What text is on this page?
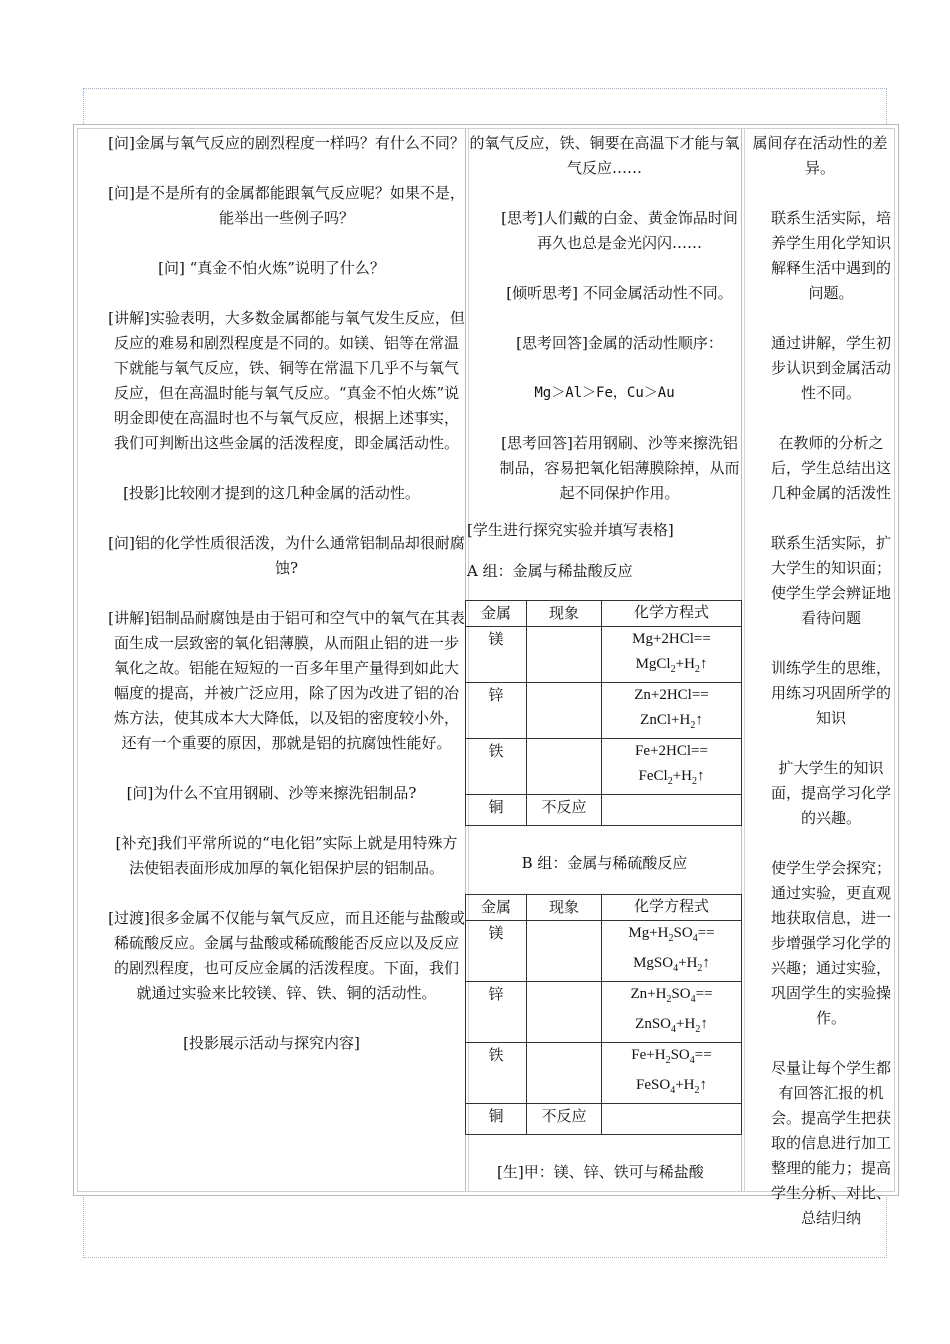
[问]金属与氧气反应的剧烈程度一样吗？有什么不同？

[问]是不是所有的金属都能跟氧气反应呢？如果不是，能举出一些例子吗？

[问] “真金不怕火炼”说明了什么？

[讲解]实验表明，大多数金属都能与氧气发生反应，但反应的难易和剧烈程度是不同的。如镁、铝等在常温下就能与氧气反应，铁、铜等在常温下几乎不与氧气反应，但在高温时能与氧气反应。“真金不怕火炼”说明金即使在高温时也不与氧气反应，根据上述事实，我们可判断出这些金属的活泼程度，即金属活动性。

[投影]比较刚才提到的这几种金属的活动性。

[问]铝的化学性质很活泼，为什么通常铝制品却很耐腐蚀?

[讲解]铝制品耐腐蚀是由于铝可和空气中的氧气在其表面生成一层致密的氧化铝薄膜，从而阻止铝的进一步氧化之故。铝能在短短的一百多年里产量得到如此大幅度的提高，并被广泛应用，除了因为改进了铝的冶炼方法，使其成本大大降低，以及铝的密度较小外，还有一个重要的原因，那就是铝的抗腐蚀性能好。

[问]为什么不宜用钢刷、沙等来擦洗铝制品?

[补充]我们平常所说的“电化铝”实际上就是用特殊方法使铝表面形成加厚的氧化铝保护层的铝制品。

[过渡]很多金属不仅能与氧气反应，而且还能与盐酸或稀硫酸反应。金属与盐酸或稀硫酸能否反应以及反应的剧烈程度，也可反应金属的活泼程度。下面，我们就通过实验来比较镁、锌、铁、铜的活动性。

[投影展示活动与探究内容]

的氧气反应，铁、铜要在高温下才能与氧气反应……

[思考]人们戴的白金、黄金饰品时间再久也总是金光闪闪……

[倾听思考] 不同金属活动性不同。

[思考回答]金属的活动性顺序：

Mg＞Al＞Fe，Cu＞Au

[思考回答]若用钢刷、沙等来擦洗铝制品，容易把氧化铝薄膜除掉，从而起不同保护作用。

[学生进行探究实验并填写表格]

A 组：金属与稀盐酸反应

金属	现象	化学方程式
镁		Mg+2HCl==
$MgCl_2+H_2↑$

锌		Zn+2HCl==
$ZnCl+H_2↑$

铁		Fe+2HCl==
$FeCl_2+H_2↑$

铜	不反应	

B 组：金属与稀硫酸反应

金属	现象	化学方程式
镁		$Mg+H_2SO_4==$
$MgSO_4+H_2↑$

锌		$Zn+H_2SO_4==$
$ZnSO_4+H_2↑$

铁		$Fe+H_2SO_4==$
$FeSO_4+H_2↑$

铜	不反应	

[生]甲：镁、锌、铁可与稀盐酸

属间存在活动性的差异。

联系生活实际，培养学生用化学知识解释生活中遇到的问题。

通过讲解，学生初步认识到金属活动性不同。

在教师的分析之后，学生总结出这几种金属的活泼性

联系生活实际，扩大学生的知识面；使学生学会辨证地看待问题

训练学生的思维，用练习巩固所学的知识

扩大学生的知识面，提高学习化学的兴趣。

使学生学会探究；通过实验，更直观地获取信息，进一步增强学习化学的兴趣；通过实验，巩固学生的实验操作。

尽量让每个学生都有回答汇报的机会。提高学生把获取的信息进行加工整理的能力；提高学生分析、对比、总结归纳
